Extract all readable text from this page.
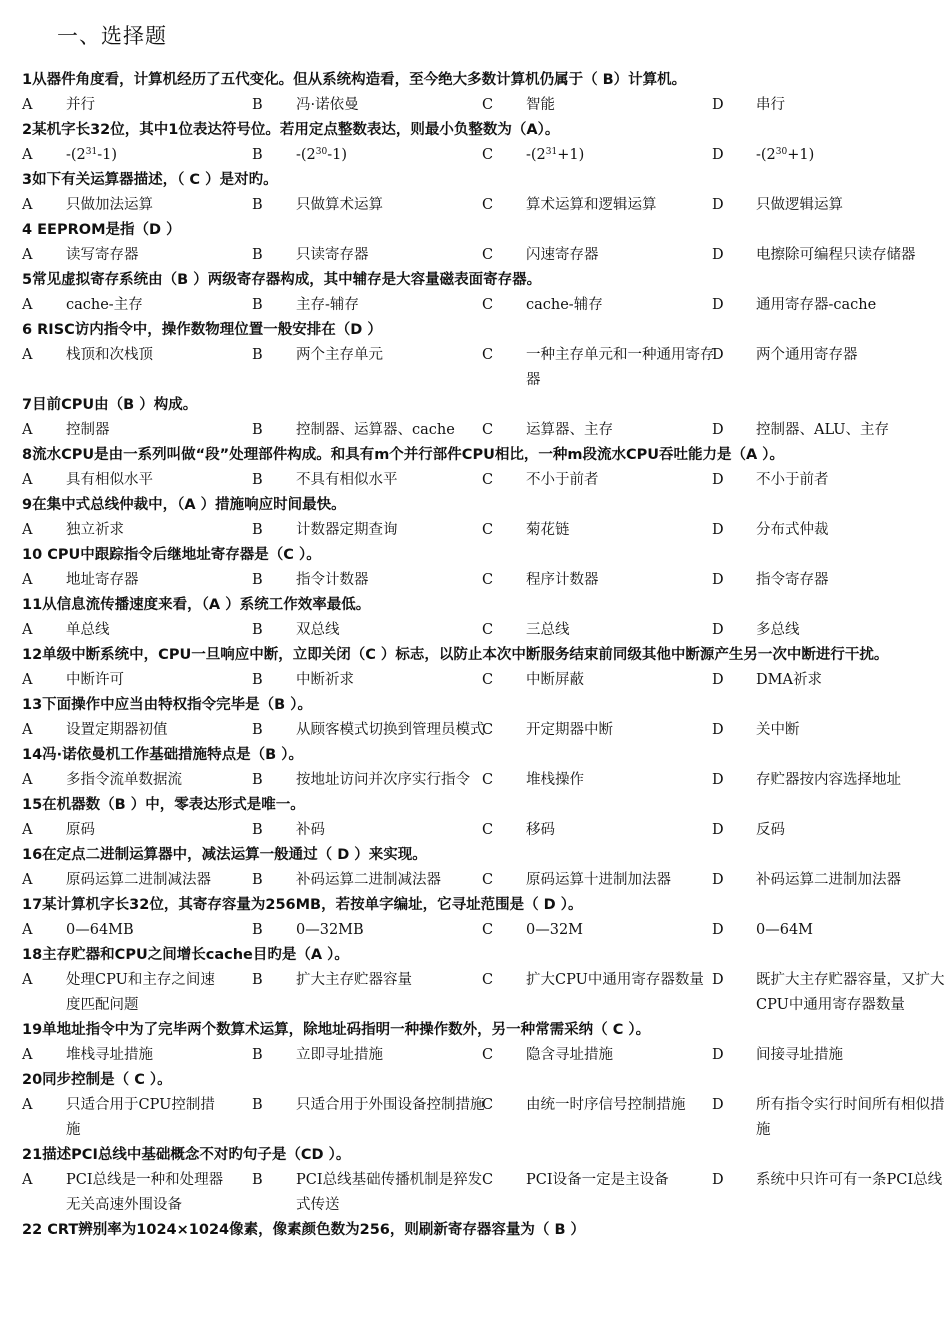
一、选择题
1从器件角度看，计算机经历了五代变化。但从系统构造看，至今绝大多数计算机仍属于（ B）计算机。
A 并行	B 冯·诺依曼	C 智能	D 串行
2某机字长32位，其中1位表达符号位。若用定点整数表达，则最小负整数为（A）。
A $-(2^{31}-1)$	B $-(2^{30}-1)$	C $-(2^{31}+1)$	D $-(2^{30}+1)$
3如下有关运算器描述，（ C ）是对旳。
A 只做加法运算	B 只做算术运算	C 算术运算和逻辑运算	D 只做逻辑运算
4 EEPROM是指（D ）
A 读写寄存器	B 只读寄存器	C 闪速寄存器	D 电擦除可编程只读存储器
5常见虚拟寄存系统由（B ）两级寄存器构成，其中辅存是大容量磁表面寄存器。
A cache-主存	B 主存-辅存	C cache-辅存	D 通用寄存器-cache
6 RISC访内指令中，操作数物理位置一般安排在（D ）
A 栈顶和次栈顶	B 两个主存单元	C 一种主存单元和一种通用寄存器
D 两个通用寄存器
7目前CPU由（B ）构成。
A 控制器	B 控制器、运算器、cache	C 运算器、主存	D 控制器、ALU、主存
8流水CPU是由一系列叫做“段”处理部件构成。和具有m个并行部件CPU相比，一种m段流水CPU吞吐能力是（A ）。
A 具有相似水平	B 不具有相似水平	C 不小于前者	D 不小于前者
9在集中式总线仲裁中，（A ）措施响应时间最快。
A 独立祈求	B 计数器定期查询	C 菊花链	D 分布式仲裁
10 CPU中跟踪指令后继地址寄存器是（C ）。
A 地址寄存器	B 指令计数器	C 程序计数器	D 指令寄存器
11从信息流传播速度来看，（A ）系统工作效率最低。
A 单总线	B 双总线	C 三总线	D 多总线
12单级中断系统中，CPU一旦响应中断，立即关闭（C ）标志，以防止本次中断服务结束前同级其他中断源产生另一次中断进行干扰。
A 中断许可	B 中断祈求	C 中断屏蔽	D DMA祈求
13下面操作中应当由特权指令完毕是（B ）。
A 设置定期器初值	B 从顾客模式切换到管理员模式
C 开定期器中断	D 关中断
14冯·诺依曼机工作基础措施特点是（B ）。
A 多指令流单数据流	B 按地址访问并次序实行指令 C 堆栈操作	D 存贮器按内容选择地址
15在机器数（B ）中，零表达形式是唯一。
A 原码	B 补码	C 移码	D 反码
16在定点二进制运算器中，减法运算一般通过（ D ）来实现。
A 原码运算二进制减法器	B 补码运算二进制减法器	C 原码运算十进制加法器	D 补码运算二进制加法器
17某计算机字长32位，其寄存容量为256MB，若按单字编址，它寻址范围是（ D ）。
A 0—64MB	B 0—32MB	C 0—32M	D 0—64M
18主存贮器和CPU之间增长cache目旳是（A ）。
A 处理CPU和主存之间速度匹配问题
B 扩大主存贮器容量	C 扩大CPU中通用寄存器数量 D 既扩大主存贮器容量，又扩大CPU中通用寄存器数量
19单地址指令中为了完毕两个数算术运算，除地址码指明一种操作数外，另一种常需采纳（ C ）。
A 堆栈寻址措施	B 立即寻址措施	C 隐含寻址措施	D 间接寻址措施
20同步控制是（ C ）。
A 只适合用于CPU控制措施
B 只适合用于外围设备控制措施
C 由统一时序信号控制措施	D 所有指令实行时间所有相似措施
21描述PCI总线中基础概念不对旳句子是（CD ）。
A PCI总线是一种和处理器无关高速外围设备
B PCI总线基础传播机制是猝发式传送
C PCI设备一定是主设备	D 系统中只许可有一条PCI总线
22 CRT辨别率为1024×1024像素，像素颜色数为256，则刷新寄存器容量为（ B ）
